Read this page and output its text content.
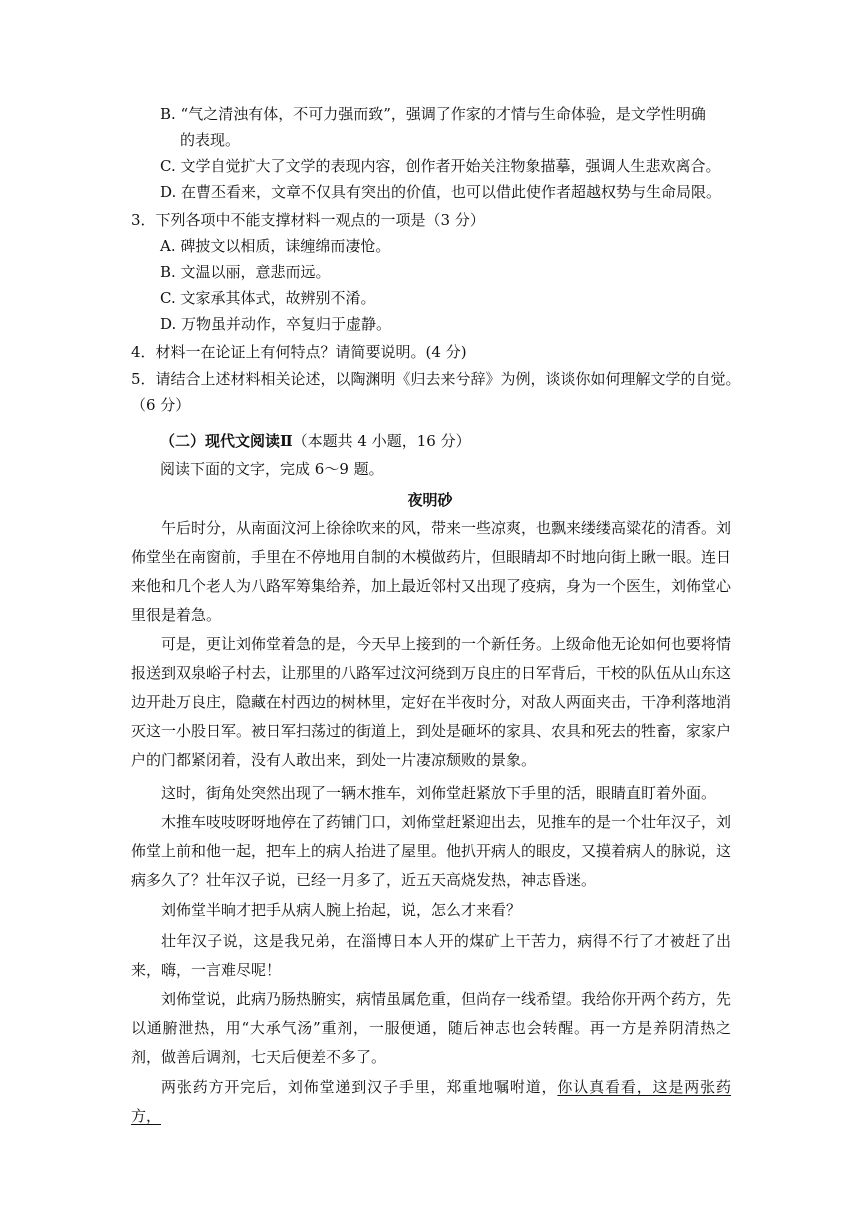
B. “气之清浊有体，不可力强而致”，强调了作家的才情与生命体验，是文学性明确
的表现。
C. 文学自觉扩大了文学的表现内容，创作者开始关注物象描摹，强调人生悲欢离合。
D. 在曹丕看来，文章不仅具有突出的价值，也可以借此使作者超越权势与生命局限。
3．下列各项中不能支撑材料一观点的一项是（3 分）
A. 碑披文以相质，诔缠绵而凄怆。
B. 文温以丽，意悲而远。
C. 文家承其体式，故辨别不淆。
D. 万物虽并动作，卒复归于虚静。
4．材料一在论证上有何特点？请简要说明。(4 分)
5．请结合上述材料相关论述，以陶渊明《归去来兮辞》为例，谈谈你如何理解文学的自觉。
（6 分）
（二）现代文阅读Ⅱ（本题共 4 小题，16 分）
阅读下面的文字，完成 6～9 题。
夜明砂
午后时分，从南面汶河上徐徐吹来的风，带来一些凉爽，也飘来缕缕高粱花的清香。刘佈堂坐在南窗前，手里在不停地用自制的木模做药片，但眼睛却不时地向街上瞅一眼。连日来他和几个老人为八路军筹集给养，加上最近邻村又出现了疫病，身为一个医生，刘佈堂心里很是着急。
可是，更让刘佈堂着急的是，今天早上接到的一个新任务。上级命他无论如何也要将情报送到双泉峪子村去，让那里的八路军过汶河绕到万良庄的日军背后，干校的队伍从山东这边开赴万良庄，隐藏在村西边的树林里，定好在半夜时分，对敌人两面夹击，干净利落地消灭这一小股日军。被日军扫荡过的街道上，到处是砸坏的家具、农具和死去的牲畜，家家户户的门都紧闭着，没有人敢出来，到处一片凄凉颓败的景象。
这时，街角处突然出现了一辆木推车，刘佈堂赶紧放下手里的活，眼睛直盯着外面。
木推车吱吱呀呀地停在了药铺门口，刘佈堂赶紧迎出去，见推车的是一个壮年汉子，刘佈堂上前和他一起，把车上的病人抬进了屋里。他扒开病人的眼皮，又摸着病人的脉说，这病多久了？壮年汉子说，已经一月多了，近五天高烧发热，神志昏迷。
刘佈堂半晌才把手从病人腕上抬起，说，怎么才来看？
壮年汉子说，这是我兄弟，在淄博日本人开的煤矿上干苦力，病得不行了才被赶了出来，嗨，一言难尽呢！
刘佈堂说，此病乃肠热腑实，病情虽属危重，但尚存一线希望。我给你开两个药方，先以通腑泄热，用“大承气汤”重剂，一服便通，随后神志也会转醒。再一方是养阴清热之剂，做善后调剂，七天后便差不多了。
两张药方开完后，刘佈堂递到汉子手里，郑重地嘱咐道，你认真看看，这是两张药方，
